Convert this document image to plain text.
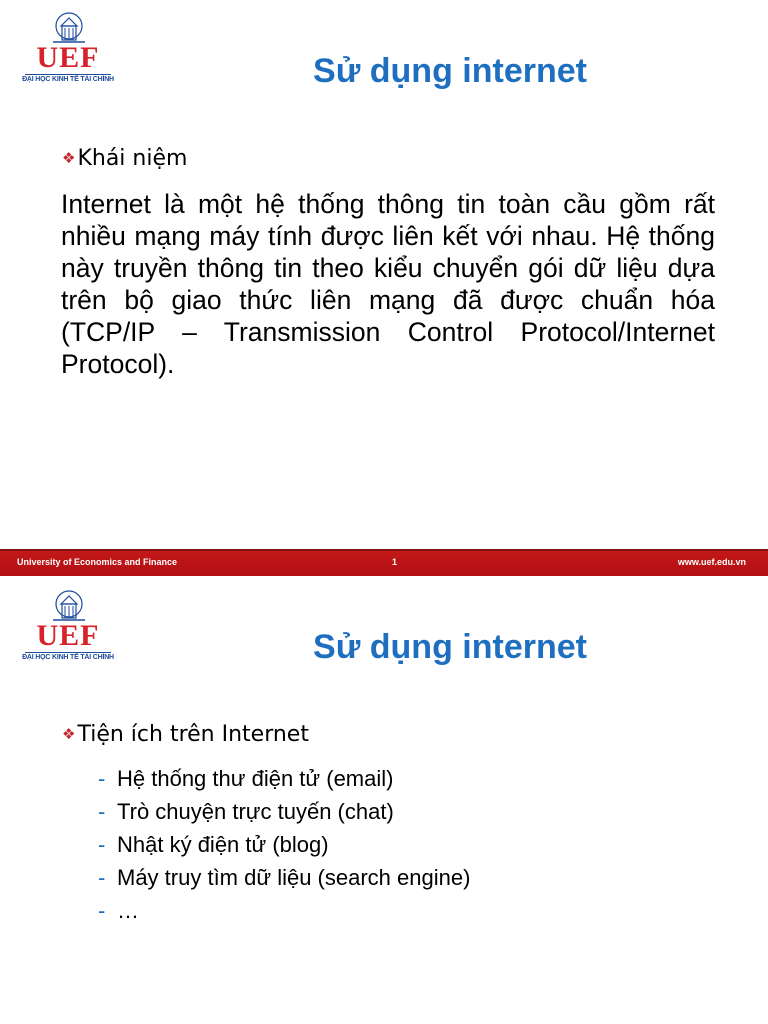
UEF
ĐẠI HỌC KINH TẾ TÀI CHÍNH	Sử dụng internet
❖ Khái niệm

Internet là một hệ thống thông tin toàn cầu gồm rất nhiều mạng máy tính được liên kết với nhau. Hệ thống này truyền thông tin theo kiểu chuyển gói dữ liệu dựa trên bộ giao thức liên mạng đã được chuẩn hóa (TCP/IP – Transmission Control Protocol/Internet Protocol).

University of Economics and Finance	1	www.uef.edu.vn
UEF
ĐẠI HỌC KINH TẾ TÀI CHÍNH	Sử dụng internet
❖ Tiện ích trên Internet
- Hệ thống thư điện tử (email)
- Trò chuyện trực tuyến (chat)
- Nhật ký điện tử (blog)
- Máy truy tìm dữ liệu (search engine)
- …
